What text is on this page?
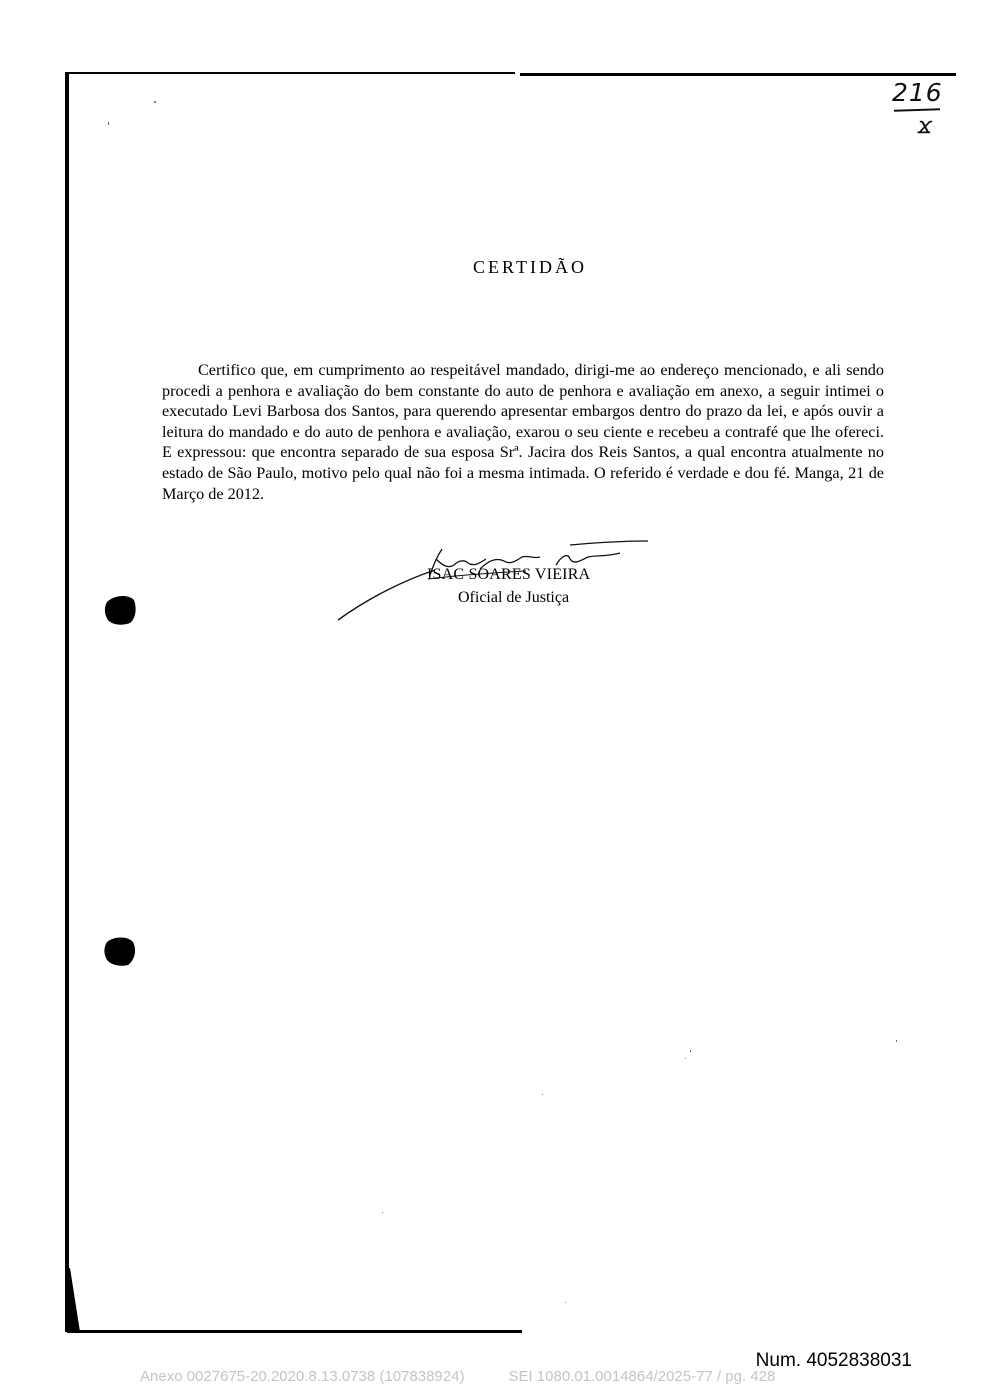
216
ϫ
CERTIDÃO

Certifico que, em cumprimento ao respeitável mandado, dirigi-me ao endereço mencionado, e ali sendo procedi a penhora e avaliação do bem constante do auto de penhora e avaliação em anexo, a seguir intimei o executado Levi Barbosa dos Santos, para querendo apresentar embargos dentro do prazo da lei, e após ouvir a leitura do mandado e do auto de penhora e avaliação, exarou o seu ciente e recebeu a contrafé que lhe ofereci. E expressou: que encontra separado de sua esposa Srª. Jacira dos Reis Santos, a qual encontra atualmente no estado de São Paulo, motivo pelo qual não foi a mesma intimada. O referido é verdade e dou fé. Manga, 21 de Março de 2012.

ISAC SOARES VIEIRA
Oficial de Justiça
Num. 4052838031
Anexo 0027675-20.2020.8.13.0738 (107838924)	SEI 1080.01.0014864/2025-77 / pg. 428
